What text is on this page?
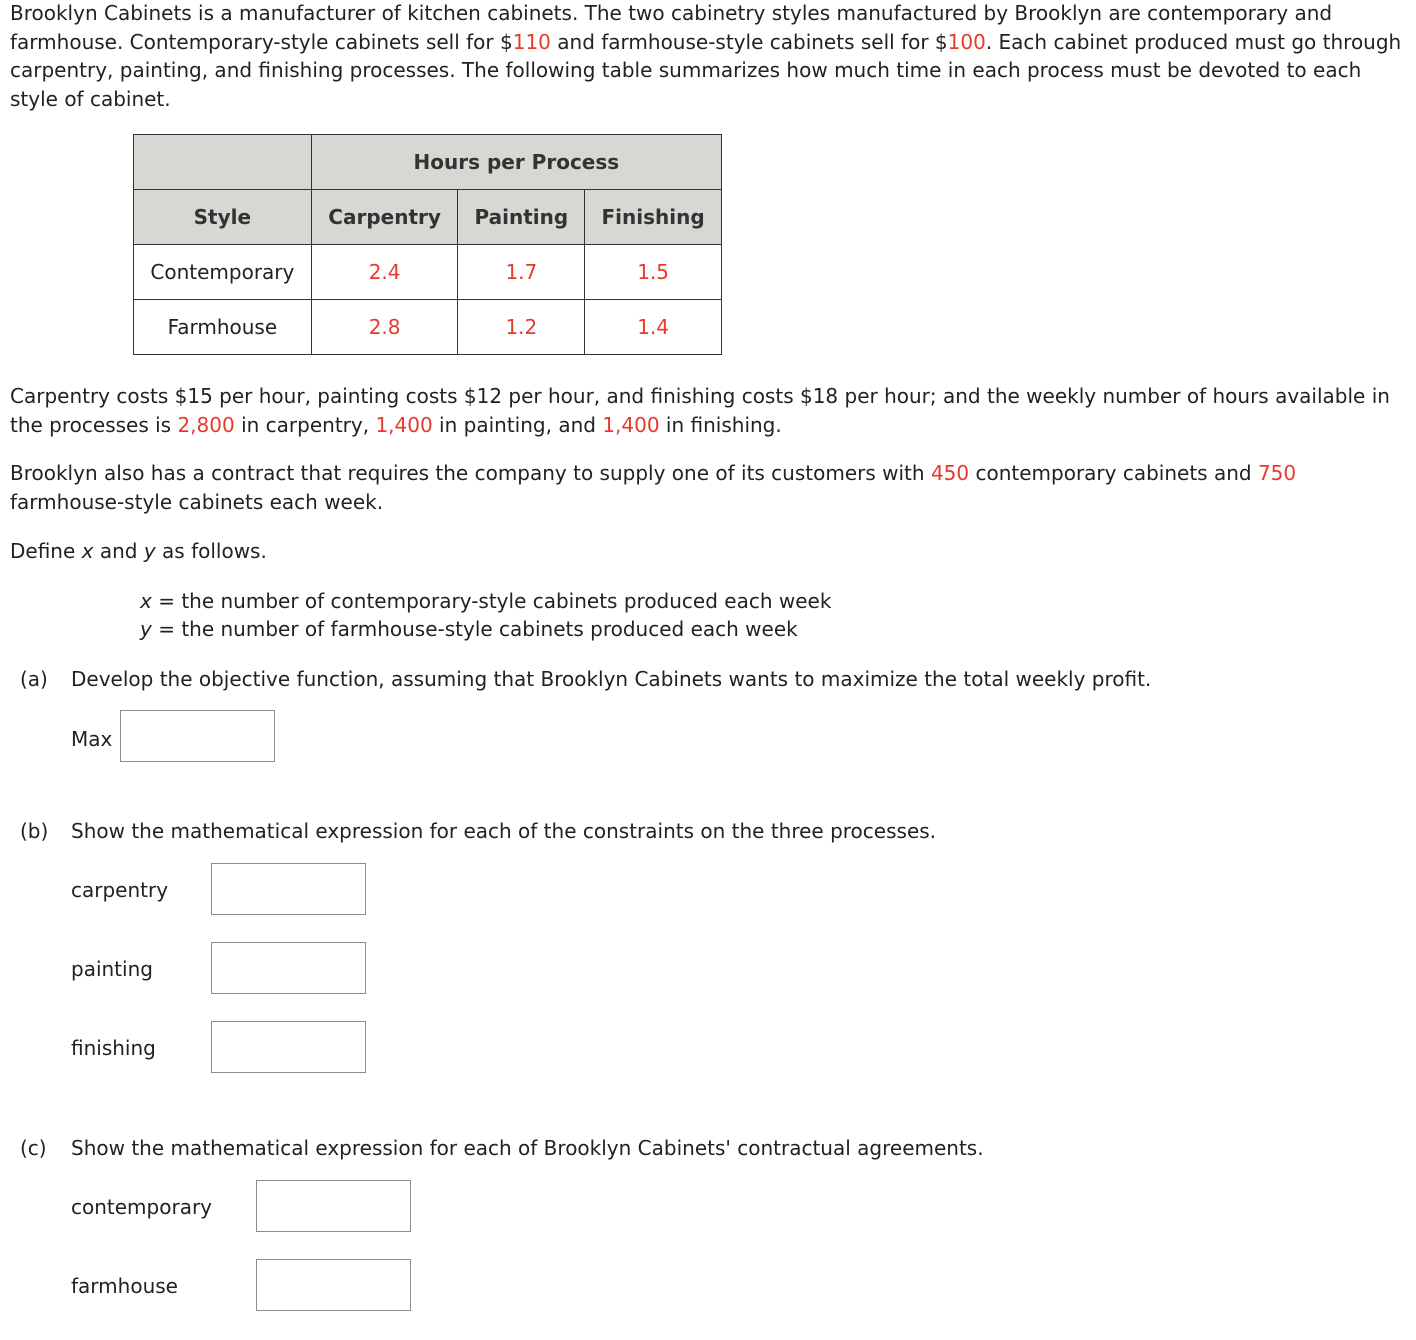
Brooklyn Cabinets is a manufacturer of kitchen cabinets. The two cabinetry styles manufactured by Brooklyn are contemporary and farmhouse. Contemporary-style cabinets sell for $110 and farmhouse-style cabinets sell for $100. Each cabinet produced must go through carpentry, painting, and finishing processes. The following table summarizes how much time in each process must be devoted to each style of cabinet.

	Hours per Process		
Style	Carpentry	Painting	Finishing
Contemporary	2.4	1.7	1.5
Farmhouse	2.8	1.2	1.4

Carpentry costs $15 per hour, painting costs $12 per hour, and finishing costs $18 per hour; and the weekly number of hours available in the processes is 2,800 in carpentry, 1,400 in painting, and 1,400 in finishing.

Brooklyn also has a contract that requires the company to supply one of its customers with 450 contemporary cabinets and 750 farmhouse-style cabinets each week.

Define x and y as follows.

x = the number of contemporary-style cabinets produced each week
y = the number of farmhouse-style cabinets produced each week
(a) Develop the objective function, assuming that Brooklyn Cabinets wants to maximize the total weekly profit.
Max
(b) Show the mathematical expression for each of the constraints on the three processes.
carpentry
painting
finishing
(c) Show the mathematical expression for each of Brooklyn Cabinets' contractual agreements.
contemporary
farmhouse
